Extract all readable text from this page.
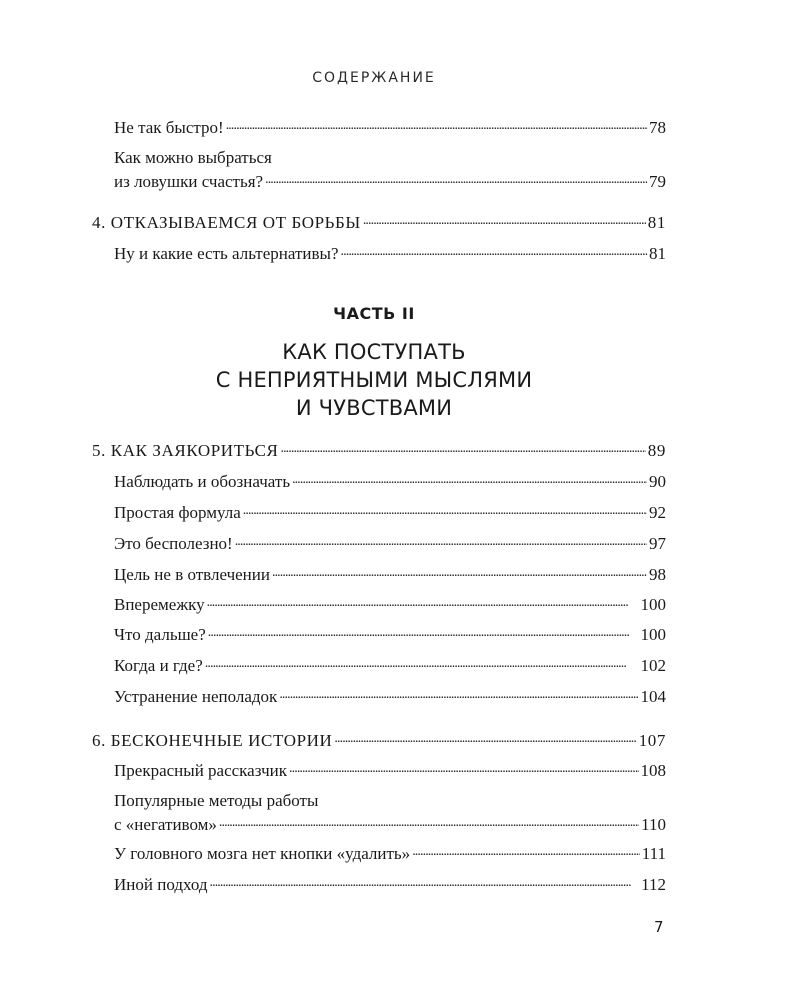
СОДЕРЖАНИЕ
Не так быстро! . . .	78
Как можно выбраться
из ловушки счастья? . . .	79
4. ОТКАЗЫВАЕМСЯ ОТ БОРЬБЫ . . .	81
Ну и какие есть альтернативы? . . .	81
ЧАСТЬ II
КАК ПОСТУПАТЬ
С НЕПРИЯТНЫМИ МЫСЛЯМИ
И ЧУВСТВАМИ
5. КАК ЗАЯКОРИТЬСЯ . . .	89
Наблюдать и обозначать . . .	90
Простая формула . . .	92
Это бесполезно! . . .	97
Цель не в отвлечении . . .	98
Вперемежку . . .	100
Что дальше? . . .	100
Когда и где? . . .	102
Устранение неполадок . . .	104
6. БЕСКОНЕЧНЫЕ ИСТОРИИ . . .	107
Прекрасный рассказчик . . .	108
Популярные методы работы
с «негативом» . . .	110
У головного мозга нет кнопки «удалить» . . .	111
Иной подход . . .	112
7
